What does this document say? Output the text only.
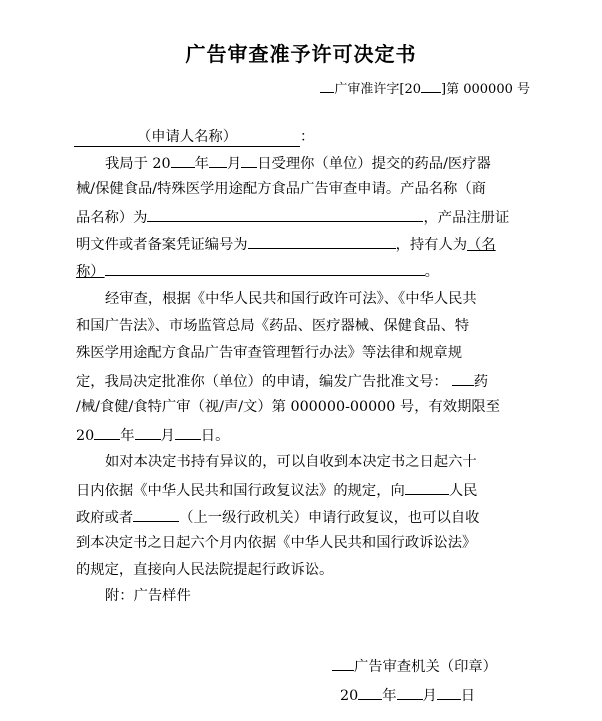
广告审查准予许可决定书
广审准许字[20 ]第 000000 号
（申请人名称）	：
我局于 20 年 月 日受理你（单位）提交的药品/医疗器
械/保健食品/特殊医学用途配方食品广告审查申请。产品名称（商
品名称）为	，产品注册证
明文件或者备案凭证编号为	，持有人为（名
称）	。
经审查，根据《中华人民共和国行政许可法》、《中华人民共
和国广告法》、市场监管总局《药品、医疗器械、保健食品、特
殊医学用途配方食品广告审查管理暂行办法》等法律和规章规
定，我局决定批准你（单位）的申请，编发广告批准文号： 药
/械/食健/食特广审（视/声/文）第 000000-00000 号，有效期限至
20 年 月 日。
如对本决定书持有异议的，可以自收到本决定书之日起六十
日内依据《中华人民共和国行政复议法》的规定，向	人民
政府或者	（上一级行政机关）申请行政复议，也可以自收
到本决定书之日起六个月内依据《中华人民共和国行政诉讼法》
的规定，直接向人民法院提起行政诉讼。
附：广告样件
广告审查机关（印章）
20 年 月 日
